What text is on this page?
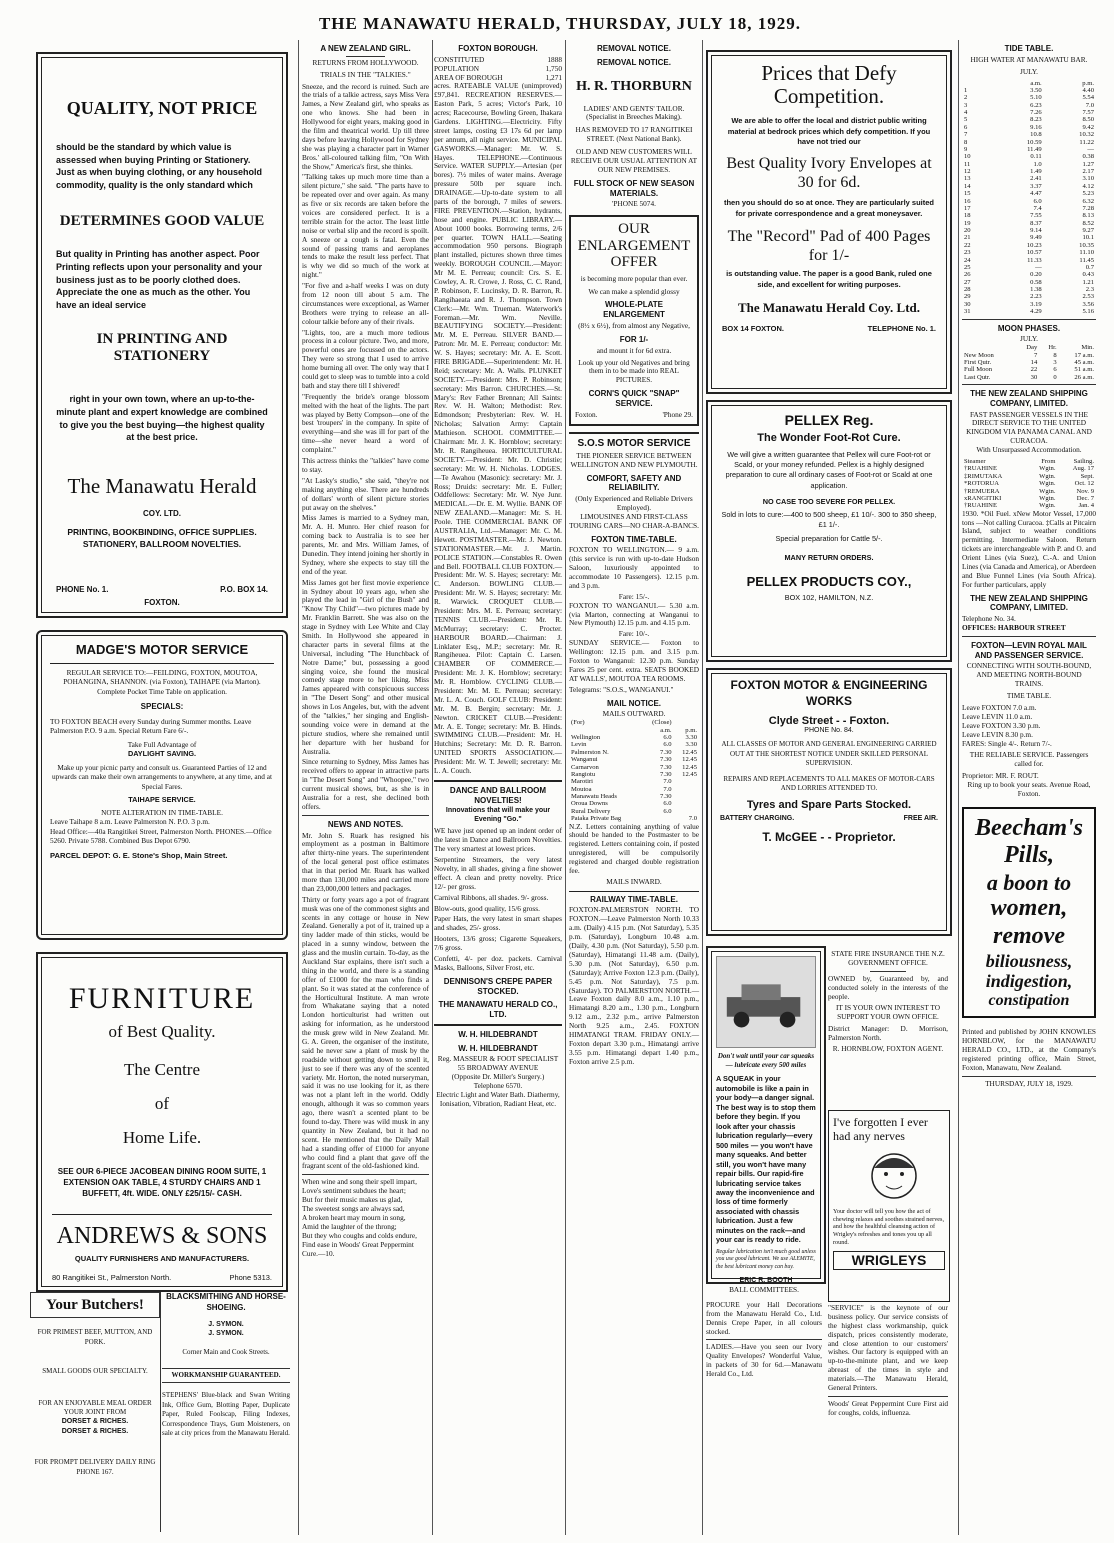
THE MANAWATU HERALD, THURSDAY, JULY 18, 1929.
QUALITY, NOT PRICE
should be the standard by which value is assessed when buying Printing or Stationery. Just as when buying clothing, or any household commodity, quality is the only standard which
DETERMINES GOOD VALUE
But quality in Printing has another aspect. Poor Printing reflects upon your personality and your business just as to be poorly clothed does. Appreciate the one as much as the other. You have an ideal service
IN PRINTING AND STATIONERY
right in your own town, where an up-to-the-minute plant and expert knowledge are combined to give you the best buying—the highest quality at the best price.
The Manawatu Herald
COY. LTD.
PRINTING, BOOKBINDING, OFFICE SUPPLIES. STATIONERY, BALLROOM NOVELTIES.
PHONE No. 1.	P.O. BOX 14.
FOXTON.
MADGE'S MOTOR SERVICE
REGULAR SERVICE TO:—FEILDING, FOXTON, MOUTOA, POHANGINA, SHANNON. (via Foxton), TAIHAPE (via Marton).
Complete Pocket Time Table on application.
SPECIALS:
TO FOXTON BEACH every Sunday during Summer months. Leave Palmerston P.O. 9 a.m. Special Return Fare 6/-.
Take Full Advantage of
DAYLIGHT SAVING.
Make up your picnic party and consult us. Guaranteed Parties of 12 and upwards can make their own arrangements to anywhere, at any time, and at Special Fares.
TAIHAPE SERVICE.
NOTE ALTERATION IN TIME-TABLE.
Leave Taihape 8 a.m. Leave Palmerston N. P.O. 3 p.m.
Head Office:—40a Rangitikei Street, Palmerston North. PHONES.—Office 5260. Private 5788. Combined Bus Depot 6790.
PARCEL DEPOT: G. E. Stone's Shop, Main Street.
FURNITURE
of Best Quality.
The Centre
of
Home Life.
SEE OUR 6-PIECE JACOBEAN DINING ROOM SUITE, 1 EXTENSION OAK TABLE, 4 STURDY CHAIRS AND 1 BUFFETT, 4ft. WIDE. ONLY £25/15/- CASH.
ANDREWS & SONS
QUALITY FURNISHERS AND MANUFACTURERS.
80 Rangitikei St., Palmerston North.	Phone 5313.
Your Butchers!
FOR PRIMEST BEEF, MUTTON, AND PORK.
SMALL GOODS OUR SPECIALTY.
FOR AN ENJOYABLE MEAL ORDER YOUR JOINT FROM
DORSET & RICHES.
DORSET & RICHES.
FOR PROMPT DELIVERY DAILY RING PHONE 167.
BLACKSMITHING AND HORSE-SHOEING.
J. SYMON.
J. SYMON.
Corner Main and Cook Streets.
WORKMANSHIP GUARANTEED.
STEPHENS' Blue-black and Swan Writing Ink, Office Gum, Blotting Paper, Duplicate Paper, Ruled Foolscap, Filing Indexes, Correspondence Trays, Gum Moisteners, on sale at city prices from the Manawatu Herald.
A NEW ZEALAND GIRL.
RETURNS FROM HOLLYWOOD.
TRIALS IN THE "TALKIES."

Sneeze, and the record is ruined. Such are the trials of a talkie actress, says Miss Vera James, a New Zealand girl, who speaks as one who knows. She had been in Hollywood for eight years, making good in the film and theatrical world. Up till three days before leaving Hollywood for Sydney she was playing a character part in Warner Bros.' all-coloured talking film, "On With the Show," America's first, she thinks.

"Talking takes up much more time than a silent picture," she said. "The parts have to be repeated over and over again. As many as five or six records are taken before the voices are considered perfect. It is a terrible strain for the actor. The least little noise or verbal slip and the record is spoilt. A sneeze or a cough is fatal. Even the sound of passing trams and aeroplanes tends to make the result less perfect. That is why we did so much of the work at night."

"For five and a-half weeks I was on duty from 12 noon till about 5 a.m. The circumstances were exceptional, as Warner Brothers were trying to release an all-colour talkie before any of their rivals.

"Lights, too, are a much more tedious process in a colour picture. Two, and more, powerful ones are focussed on the actors. They were so strong that I used to arrive home burning all over. The only way that I could get to sleep was to tumble into a cold bath and stay there till I shivered!

"Frequently the bride's orange blossom melted with the heat of the lights. The part was played by Betty Compson—one of the best 'troupers' in the company. In spite of everything—and she was ill for part of the time—she never heard a word of complaint."

This actress thinks the "talkies" have come to stay.

"At Lasky's studio," she said, "they're not making anything else. There are hundreds of dollars' worth of silent picture stories put away on the shelves."

Miss James is married to a Sydney man, Mr. A. H. Munro. Her chief reason for coming back to Australia is to see her parents, Mr. and Mrs. William James, of Dunedin. They intend joining her shortly in Sydney, where she expects to stay till the end of the year.

Miss James got her first movie experience in Sydney about 10 years ago, when she played the lead in "Girl of the Bush" and "Know Thy Child"—two pictures made by Mr. Franklin Barrett. She was also on the stage in Sydney with Lee White and Clay Smith. In Hollywood she appeared in character parts in several films at the Universal, including "The Hunchback of Notre Dame;" but, possessing a good singing voice, she found the musical comedy stage more to her liking. Miss James appeared with conspicuous success in "The Desert Song" and other musical shows in Los Angeles, but, with the advent of the "talkies," her singing and English-sounding voice were in demand at the picture studios, where she remained until her departure with her husband for Australia.

Since returning to Sydney, Miss James has received offers to appear in attractive parts in "The Desert Song" and "Whoopee," two current musical shows, but, as she is in Australia for a rest, she declined both offers.

NEWS AND NOTES.

Mr. John S. Ruark has resigned his employment as a postman in Baltimore after thirty-nine years. The superintendent of the local general post office estimates that in that period Mr. Ruark has walked more than 130,000 miles and carried more than 23,000,000 letters and packages.

Thirty or forty years ago a pot of fragrant musk was one of the commonest sights and scents in any cottage or house in New Zealand. Generally a pot of it, trained up a tiny ladder made of thin sticks, would be placed in a sunny window, between the glass and the muslin curtain. To-day, as the Auckland Star explains, there isn't such a thing in the world, and there is a standing offer of £1000 for the man who finds a plant. So it was stated at the conference of the Horticultural Institute. A man wrote from Whakatane saying that a noted London horticulturist had written out asking for information, as he understood the musk grew wild in New Zealand. Mr. G. A. Green, the organiser of the institute, said he never saw a plant of musk by the roadside without getting down to smell it, just to see if there was any of the scented variety. Mr. Horton, the noted nurseryman, said it was no use looking for it, as there was not a plant left in the world. Oddly enough, although it was so common years ago, there wasn't a scented plant to be found to-day. There was wild musk in any quantity in New Zealand, but it had no scent. He mentioned that the Daily Mail had a standing offer of £1000 for anyone who could find a plant that gave off the fragrant scent of the old-fashioned kind.

When wine and song their spell impart,
Love's sentiment subdues the heart;
But for their music makes us glad,
The sweetest songs are always sad,
A broken heart may mourn in song,
Amid the laughter of the throng;
But they who coughs and colds endure,
Find ease in Woods' Great Peppermint Cure.—10.
FOXTON BOROUGH.
CONSTITUTED	1888
POPULATION	1,750
AREA OF BOROUGH	1,271

acres. RATEABLE VALUE (unimproved) £97,841. RECREATION RESERVES.—Easton Park, 5 acres; Victor's Park, 10 acres; Racecourse, Bowling Green, Ihakara Gardens. LIGHTING.—Electricity. Fifty street lamps, costing £3 17s 6d per lamp per annum, all night service. MUNICIPAL GASWORKS.—Manager: Mr. W. S. Hayes. TELEPHONE.—Continuous Service. WATER SUPPLY.—Artesian (per bores). 7½ miles of water mains. Average pressure 50lb per square inch. DRAINAGE.—Up-to-date system to all parts of the borough, 7 miles of sewers. FIRE PREVENTION.—Station, hydrants, hose and engine. PUBLIC LIBRARY.—About 1000 books. Borrowing terms, 2/6 per quarter. TOWN HALL.—Seating accommodation 950 persons. Biograph plant installed, pictures shown three times weekly. BOROUGH COUNCIL.—Mayor: Mr M. E. Perreau; council: Crs. S. E. Cowley, A. R. Crowe, J. Ross, C. C. Rand, P. Robinson, F. Lucinsky, D. R. Barron, R. Rangihaeata and R. J. Thompson. Town Clerk:—Mr. Wm. Trueman. Waterwork's Foreman.—Mr. Wm. Neville. BEAUTIFYING SOCIETY.—President: Mr. M. E. Perreau. SILVER BAND.—Patron: Mr. M. E. Perreau; conductor: Mr. W. S. Hayes; secretary: Mr. A. E. Scott. FIRE BRIGADE.—Superintendent: Mr. H. Reid; secretary: Mr. A. Walls. PLUNKET SOCIETY.—President: Mrs. P. Robinson; secretary: Mrs Barron. CHURCHES.—St. Mary's: Rev Father Brennan; All Saints: Rev. W. H. Walton; Methodist: Rev. Edmondson; Presbyterian: Rev. W. H. Nicholas; Salvation Army: Captain Mathieson. SCHOOL COMMITTEE.—Chairman: Mr. J. K. Hornblow; secretary: Mr. R. Rangiheuea. HORTICULTURAL SOCIETY.—President: Mr. D. Christie; secretary: Mr. W. H. Nicholas. LODGES.—Te Awahou (Masonic): secretary: Mr. J. Ross; Druids: secretary: Mr. E. Fuller; Oddfellows: Secretary: Mr. W. Nye Junr. MEDICAL.—Dr. E. M. Wyllie. BANK OF NEW ZEALAND.—Manager: Mr. S. H. Poole. THE COMMERCIAL BANK OF AUSTRALIA, Ltd.—Manager: Mr. C. M. Hewett. POSTMASTER.—Mr. J. Newton. STATIONMASTER.—Mr. J. Martin. POLICE STATION.—Constables R. Owen and Bell. FOOTBALL CLUB FOXTON.—President: Mr. W. S. Hayes; secretary: Mr. C. Anderson. BOWLING CLUB.—President: Mr. W. S. Hayes; secretary: Mr. R. Warwick. CROQUET CLUB.—President: Mrs. M. E. Perreau; secretary: TENNIS CLUB.—President: Mr. R. McMurray; secretary: C. Procter. HARBOUR BOARD.—Chairman: J. Linklater Esq., M.P.; secretary: Mr. R. Rangiheuea. Pilot: Captain C. Larsen. CHAMBER OF COMMERCE.—President: Mr. J. K. Hornblow; secretary: Mr. R. Hornblow. CYCLING CLUB.—President: Mr. M. E. Perreau; secretary: Mr. L. A. Couch. GOLF CLUB: President: Mr. M. B. Bergin; secretary: Mr. J. Newton. CRICKET CLUB.—President: Mr. A. E. Tonge; secretary: Mr. B. Hinds. SWIMMING CLUB.—President: Mr. H. Hutchins; Secretary: Mr. D. R. Barron. UNITED SPORTS ASSOCIATION.—President: Mr. W. T. Jewell; secretary: Mr. L. A. Couch.

DANCE AND BALLROOM NOVELTIES!
Innovations that will make your Evening "Go."

WE have just opened up an indent order of the latest in Dance and Ballroom Novelties. The very smartest at lowest prices.

Serpentine Streamers, the very latest Novelty, in all shades, giving a fine shower effect. A clean and pretty novelty. Price 12/- per gross.

Carnival Ribbons, all shades. 9/- gross.

Blow-outs, good quality, 15/6 gross.

Paper Hats, the very latest in smart shapes and shades, 25/- gross.

Hooters, 13/6 gross; Cigarette Squeakers, 7/6 gross.

Confetti, 4/- per doz. packets. Carnival Masks, Balloons, Silver Frost, etc.

DENNISON'S CREPE PAPER STOCKED.
THE MANAWATU HERALD CO., LTD.
W. H. HILDEBRANDT
W. H. HILDEBRANDT
Reg. MASSEUR & FOOT SPECIALIST
55 BROADWAY AVENUE
(Opposite Dr. Miller's Surgery.)
Telephone 6570.
Electric Light and Water Bath. Diathermy, Ionisation, Vibration, Radiant Heat, etc.
REMOVAL NOTICE.
REMOVAL NOTICE.
H. R. THORBURN
LADIES' AND GENTS' TAILOR. (Specialist in Breeches Making).
HAS REMOVED TO 17 RANGITIKEI STREET. (Next National Bank).
OLD AND NEW CUSTOMERS WILL RECEIVE OUR USUAL ATTENTION AT OUR NEW PREMISES.
FULL STOCK OF NEW SEASON MATERIALS.
'PHONE 5074.
OUR ENLARGEMENT OFFER
is becoming more popular than ever.
We can make a splendid glossy
WHOLE-PLATE ENLARGEMENT
(8½ x 6½), from almost any Negative,
FOR 1/-
and mount it for 6d extra.
Look up your old Negatives and bring them in to be made into REAL PICTURES.
CORN'S QUICK "SNAP" SERVICE.
Foxton.	'Phone 29.
S.O.S MOTOR SERVICE
THE PIONEER SERVICE BETWEEN WELLINGTON AND NEW PLYMOUTH.
COMFORT, SAFETY AND RELIABILITY.
(Only Experienced and Reliable Drivers Employed).
LIMOUSINES AND FIRST-CLASS TOURING CARS—NO CHAR-A-BANCS.
FOXTON TIME-TABLE.

FOXTON TO WELLINGTON.— 9 a.m. (this service is run with up-to-date Hudson Saloon, luxuriously appointed to accommodate 10 Passengers). 12.15 p.m. and 3 p.m.

Fare: 15/-.

FOXTON TO WANGANUI.— 5.30 a.m. (via Marton, connecting at Wanganui to New Plymouth) 12.15 p.m. and 4.15 p.m.

Fare: 10/-.

SUNDAY SERVICE.— Foxton to Wellington: 12.15 p.m. and 3.15 p.m. Foxton to Wanganui: 12.30 p.m. Sunday Fares 25 per cent. extra. SEATS BOOKED AT WALLS', MOUTOA TEA ROOMS.

Telegrams: "S.O.S., WANGANUI."

MAIL NOTICE.
MAILS OUTWARD.
(For)	(Close)	
	a.m.	p.m.
Wellington	6.0	3.30
Levin	6.0	3.30
Palmerston N.	7.30	12.45
Wanganui	7.30	12.45
Carnarvon	7.30	12.45
Rangiotu	7.30	12.45
Marotiri	7.0	
Moutoa	7.0	
Manawatu Heads	7.30	
Oroua Downs	6.0	
Rural Delivery	6.0	
Paiaka Private Bag		7.0

N.Z. Letters containing anything of value should be handed to the Postmaster to be registered. Letters containing coin, if posted unregistered, will be compulsorily registered and charged double registration fee.

MAILS INWARD.
RAILWAY TIME-TABLE.

FOXTON-PALMERSTON NORTH. TO FOXTON.—Leave Palmerston North 10.33 a.m. (Daily) 4.15 p.m. (Not Saturday), 5.35 p.m. (Saturday), Longburn 10.48 a.m. (Daily, 4.30 p.m. (Not Saturday), 5.50 p.m. (Saturday), Himatangi 11.48 a.m. (Daily), 5.30 p.m. (Not Saturday), 6.50 p.m. (Saturday); Arrive Foxton 12.3 p.m. (Daily), 5.45 p.m. Not Saturday), 7.5 p.m. (Saturday). TO PALMERSTON NORTH.— Leave Foxton daily 8.0 a.m., 1.10 p.m., Himatangi 8.20 a.m., 1.30 p.m., Longburn 9.12 a.m., 2.32 p.m., arrive Palmerston North 9.25 a.m., 2.45. FOXTON HIMATANGI TRAM. FRIDAY ONLY.—Foxton depart 3.30 p.m., Himatangi arrive 3.55 p.m. Himatangi depart 1.40 p.m., Foxton arrive 2.5 p.m.

Prices that Defy Competition.
We are able to offer the local and district public writing material at bedrock prices which defy competition. If you have not tried our
Best Quality Ivory Envelopes at 30 for 6d.
then you should do so at once. They are particularly suited for private correspondence and a great moneysaver.
The "Record" Pad of 400 Pages for 1/-
is outstanding value. The paper is a good Bank, ruled one side, and excellent for writing purposes.
The Manawatu Herald Coy. Ltd.
BOX 14 FOXTON.	TELEPHONE No. 1.
PELLEX Reg.
The Wonder Foot-Rot Cure.
We will give a written guarantee that Pellex will cure Foot-rot or Scald, or your money refunded. Pellex is a highly designed preparation to cure all ordinary cases of Foot-rot or Scald at one application.
NO CASE TOO SEVERE FOR PELLEX.
Sold in lots to cure:—400 to 500 sheep, £1 10/-. 300 to 350 sheep, £1 1/-.
Special preparation for Cattle 5/-.
MANY RETURN ORDERS.
PELLEX PRODUCTS COY.,
BOX 102, HAMILTON, N.Z.
FOXTON MOTOR & ENGINEERING WORKS
Clyde Street - - Foxton.
PHONE No. 84.
ALL CLASSES OF MOTOR AND GENERAL ENGINEERING CARRIED OUT AT THE SHORTEST NOTICE UNDER SKILLED PERSONAL SUPERVISION.
REPAIRS AND REPLACEMENTS TO ALL MAKES OF MOTOR-CARS AND LORRIES ATTENDED TO.
Tyres and Spare Parts Stocked.
BATTERY CHARGING.	FREE AIR.
T. McGEE - - Proprietor.
Don't wait until your car squeaks — lubricate every 500 miles
A SQUEAK in your automobile is like a pain in your body—a danger signal. The best way is to stop them before they begin. If you look after your chassis lubrication regularly—every 500 miles — you won't have many squeaks. And better still, you won't have many repair bills. Our rapid-fire lubricating service takes away the inconvenience and loss of time formerly associated with chassis lubrication. Just a few minutes on the rack—and your car is ready to ride.
Regular lubrication isn't much good unless you use good lubricant. We use ALEMITE, the best lubricant money can buy.
ERIC R. BOOTH
BALL COMMITTEES.

PROCURE your Hall Decorations from the Manawatu Herald Co., Ltd. Dennis Crepe Paper, in all colours stocked.

LADIES.—Have you seen our Ivory Quality Envelopes? Wonderful Value, in packets of 30 for 6d.—Manawatu Herald Co., Ltd.

STATE FIRE INSURANCE THE N.Z. GOVERNMENT OFFICE.

OWNED by, Guaranteed by, and conducted solely in the interests of the people.

IT IS YOUR OWN INTEREST TO SUPPORT YOUR OWN OFFICE.

District Manager: D. Morrison, Palmerston North.

R. HORNBLOW, FOXTON AGENT.
I've forgotten I ever had any nerves
Your doctor will tell you how the act of chewing relaxes and soothes strained nerves, and how the healthful cleansing action of Wrigley's refreshes and tones you up all round.
WRIGLEYS

"SERVICE" is the keynote of our business policy. Our service consists of the highest class workmanship, quick dispatch, prices consistently moderate, and close attention to our customers' wishes. Our factory is equipped with an up-to-the-minute plant, and we keep abreast of the times in style and materials.—The Manawatu Herald, General Printers.

Woods' Great Peppermint Cure First aid for coughs, colds, influenza.

TIDE TABLE.
HIGH WATER AT MANAWATU BAR.
JULY.
	a.m.	p.m.
1	3.50	4.40
2	5.10	5.54
3	6.23	7.0
4	7.26	7.57
5	8.23	8.50
6	9.16	9.42
7	10.8	10.32
8	10.59	11.22
9	11.49	—
10	0.11	0.38
11	1.0	1.27
12	1.49	2.17
13	2.41	3.10
14	3.37	4.12
15	4.47	5.23
16	6.0	6.32
17	7.4	7.28
18	7.55	8.13
19	8.37	8.52
20	9.14	9.27
21	9.49	10.1
22	10.23	10.35
23	10.57	11.10
24	11.33	11.45
25	—	0.7
26	0.20	0.43
27	0.58	1.21
28	1.38	2.3
29	2.23	2.53
30	3.19	3.56
31	4.29	5.16
MOON PHASES.
JULY.
	Day	Hr.	Min.
New Moon	7	8	17 a.m.
First Qutr.	14	3	45 a.m.
Full Moon	22	6	51 a.m.
Last Qutr.	30	0	26 a.m.
THE NEW ZEALAND SHIPPING COMPANY, LIMITED.
FAST PASSENGER VESSELS IN THE DIRECT SERVICE TO THE UNITED KINGDOM VIA PANAMA CANAL AND CURACOA.
With Unsurpassed Accommodation.
Steamer	From	Sailing.
†RUAHINE	Wgtn.	Aug. 17
‡RIMUTAKA	Wgtn.	Sept.
*ROTORUA	Wgtn.	Oct. 12
†REMUERA	Wgtn.	Nov. 9
xRANGITIKI	Wgtn.	Dec. 7
†RUAHINE	Wgtn.	Jan. 4

1930. *Oil Fuel. xNew Motor Vessel, 17,000 tons —Not calling Curacoa. ‡Calls at Pitcairn Island, subject to weather conditions permitting. Intermediate Saloon. Return tickets are interchangeable with P. and O. and Orient Lines (via Suez), C.-A. and Union Lines (via Canada and America), or Aberdeen and Blue Funnel Lines (via South Africa). For further particulars, apply

THE NEW ZEALAND SHIPPING COMPANY, LIMITED.
Telephone No. 34.
OFFICES: HARBOUR STREET
FOXTON—LEVIN ROYAL MAIL AND PASSENGER SERVICE.
CONNECTING WITH SOUTH-BOUND, AND MEETING NORTH-BOUND TRAINS.
TIME TABLE.
Leave FOXTON 7.0 a.m.
Leave LEVIN 11.0 a.m.
Leave FOXTON 3.30 p.m.
Leave LEVIN 8.30 p.m.
FARES: Single 4/-. Return 7/-.
THE RELIABLE SERVICE. Passengers called for.
Proprietor: MR. F. ROUT.
Ring up to book your seats. Avenue Road, Foxton.
Beecham's Pills,
a boon to
women,
remove
biliousness,
indigestion,
constipation

Printed and published by JOHN KNOWLES HORNBLOW, for the MANAWATU HERALD CO., LTD., at the Company's registered printing office, Main Street, Foxton, Manawatu, New Zealand.

THURSDAY, JULY 18, 1929.
